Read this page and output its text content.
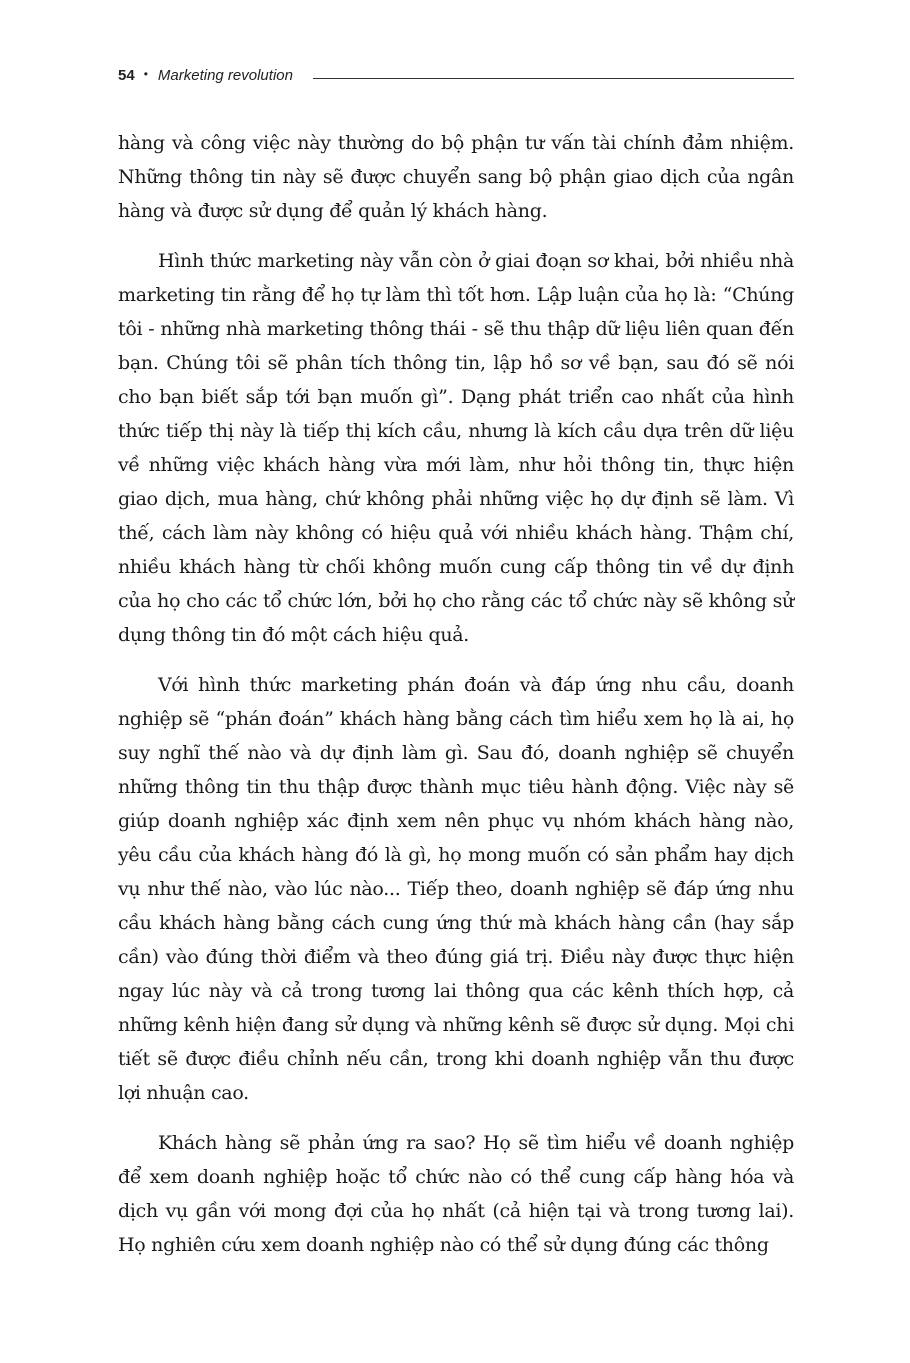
54 • Marketing revolution

hàng và công việc này thường do bộ phận tư vấn tài chính đảm nhiệm. Những thông tin này sẽ được chuyển sang bộ phận giao dịch của ngân hàng và được sử dụng để quản lý khách hàng.

Hình thức marketing này vẫn còn ở giai đoạn sơ khai, bởi nhiều nhà marketing tin rằng để họ tự làm thì tốt hơn. Lập luận của họ là: “Chúng tôi - những nhà marketing thông thái - sẽ thu thập dữ liệu liên quan đến bạn. Chúng tôi sẽ phân tích thông tin, lập hồ sơ về bạn, sau đó sẽ nói cho bạn biết sắp tới bạn muốn gì”. Dạng phát triển cao nhất của hình thức tiếp thị này là tiếp thị kích cầu, nhưng là kích cầu dựa trên dữ liệu về những việc khách hàng vừa mới làm, như hỏi thông tin, thực hiện giao dịch, mua hàng, chứ không phải những việc họ dự định sẽ làm. Vì thế, cách làm này không có hiệu quả với nhiều khách hàng. Thậm chí, nhiều khách hàng từ chối không muốn cung cấp thông tin về dự định của họ cho các tổ chức lớn, bởi họ cho rằng các tổ chức này sẽ không sử dụng thông tin đó một cách hiệu quả.

Với hình thức marketing phán đoán và đáp ứng nhu cầu, doanh nghiệp sẽ “phán đoán” khách hàng bằng cách tìm hiểu xem họ là ai, họ suy nghĩ thế nào và dự định làm gì. Sau đó, doanh nghiệp sẽ chuyển những thông tin thu thập được thành mục tiêu hành động. Việc này sẽ giúp doanh nghiệp xác định xem nên phục vụ nhóm khách hàng nào, yêu cầu của khách hàng đó là gì, họ mong muốn có sản phẩm hay dịch vụ như thế nào, vào lúc nào... Tiếp theo, doanh nghiệp sẽ đáp ứng nhu cầu khách hàng bằng cách cung ứng thứ mà khách hàng cần (hay sắp cần) vào đúng thời điểm và theo đúng giá trị. Điều này được thực hiện ngay lúc này và cả trong tương lai thông qua các kênh thích hợp, cả những kênh hiện đang sử dụng và những kênh sẽ được sử dụng. Mọi chi tiết sẽ được điều chỉnh nếu cần, trong khi doanh nghiệp vẫn thu được lợi nhuận cao.

Khách hàng sẽ phản ứng ra sao? Họ sẽ tìm hiểu về doanh nghiệp để xem doanh nghiệp hoặc tổ chức nào có thể cung cấp hàng hóa và dịch vụ gần với mong đợi của họ nhất (cả hiện tại và trong tương lai). Họ nghiên cứu xem doanh nghiệp nào có thể sử dụng đúng các thông
